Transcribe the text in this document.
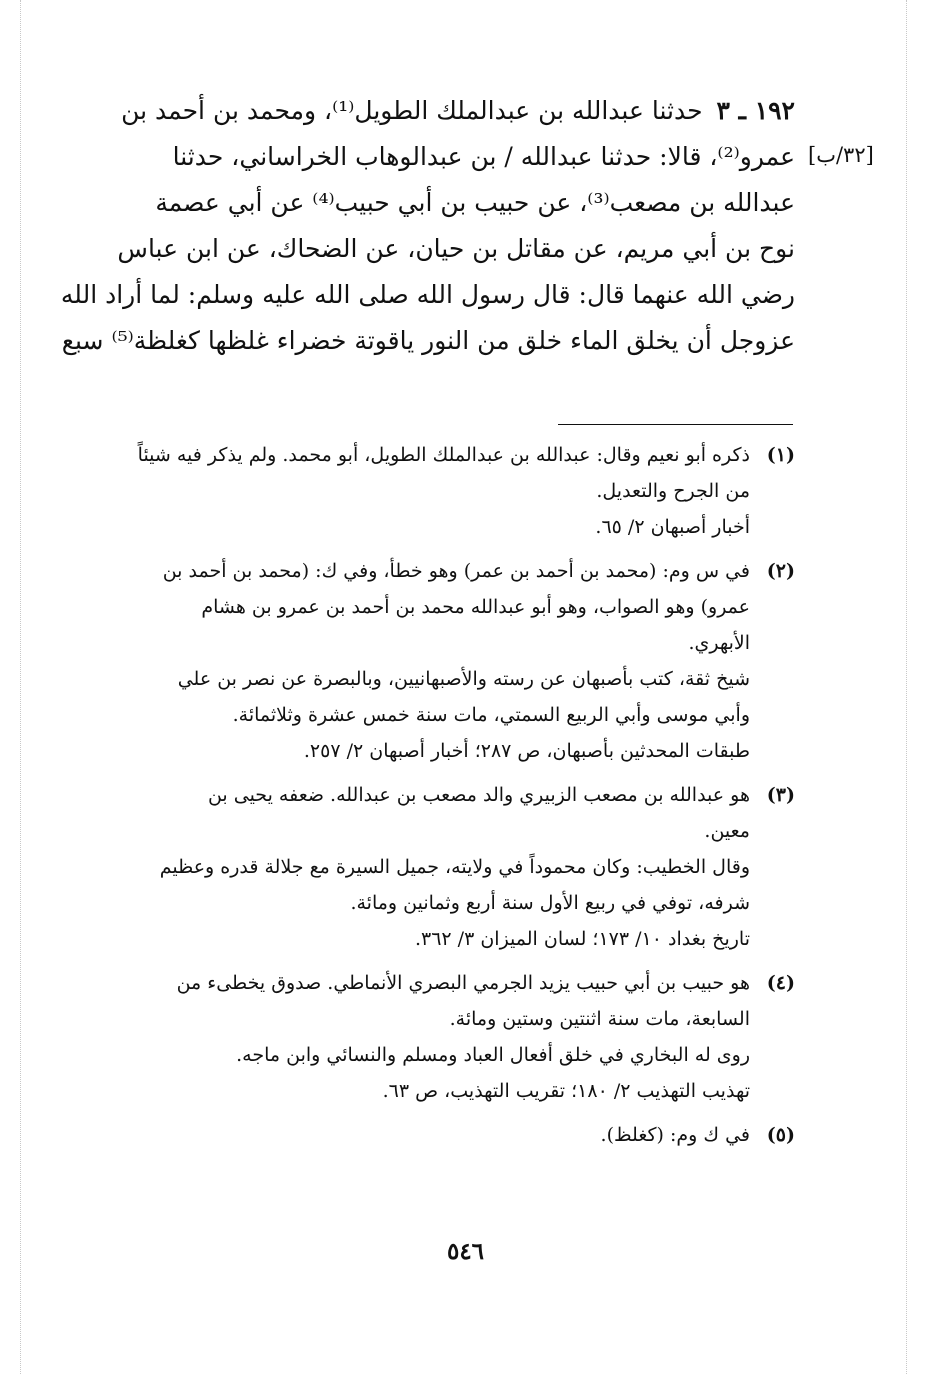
[٣٢/ب]
١٩٢ ـ ٣حدثنا عبدالله بن عبدالملك الطويل⁽¹⁾، ومحمد بن أحمد بن
عمرو⁽²⁾، قالا: حدثنا عبدالله / بن عبدالوهاب الخراساني، حدثنا
عبدالله بن مصعب⁽³⁾، عن حبيب بن أبي حبيب⁽⁴⁾ عن أبي عصمة
نوح بن أبي مريم، عن مقاتل بن حيان، عن الضحاك، عن ابن عباس
رضي الله عنهما قال: قال رسول الله صلى الله عليه وسلم: لما أراد الله
عزوجل أن يخلق الماء خلق من النور ياقوتة خضراء غلظها كغلظة⁽⁵⁾ سبع
(١)
ذكره أبو نعيم وقال: عبدالله بن عبدالملك الطويل، أبو محمد. ولم يذكر فيه شيئاً
من الجرح والتعديل.
أخبار أصبهان ٢/ ٦٥.
(٢)
في س وم: (محمد بن أحمد بن عمر) وهو خطأ، وفي ك: (محمد بن أحمد بن
عمرو) وهو الصواب، وهو أبو عبدالله محمد بن أحمد بن عمرو بن هشام
الأبهري.
شيخ ثقة، كتب بأصبهان عن رسته والأصبهانيين، وبالبصرة عن نصر بن علي
وأبي موسى وأبي الربيع السمتي، مات سنة خمس عشرة وثلاثمائة.
طبقات المحدثين بأصبهان، ص ٢٨٧؛ أخبار أصبهان ٢/ ٢٥٧.
(٣)
هو عبدالله بن مصعب الزبيري والد مصعب بن عبدالله. ضعفه يحيى بن
معين.
وقال الخطيب: وكان محموداً في ولايته، جميل السيرة مع جلالة قدره وعظيم
شرفه، توفي في ربيع الأول سنة أربع وثمانين ومائة.
تاريخ بغداد ١٠/ ١٧٣؛ لسان الميزان ٣/ ٣٦٢.
(٤)
هو حبيب بن أبي حبيب يزيد الجرمي البصري الأنماطي. صدوق يخطىء من
السابعة، مات سنة اثنتين وستين ومائة.
روى له البخاري في خلق أفعال العباد ومسلم والنسائي وابن ماجه.
تهذيب التهذيب ٢/ ١٨٠؛ تقريب التهذيب، ص ٦٣.
(٥)
في ك وم: (كغلظ).
٥٤٦
